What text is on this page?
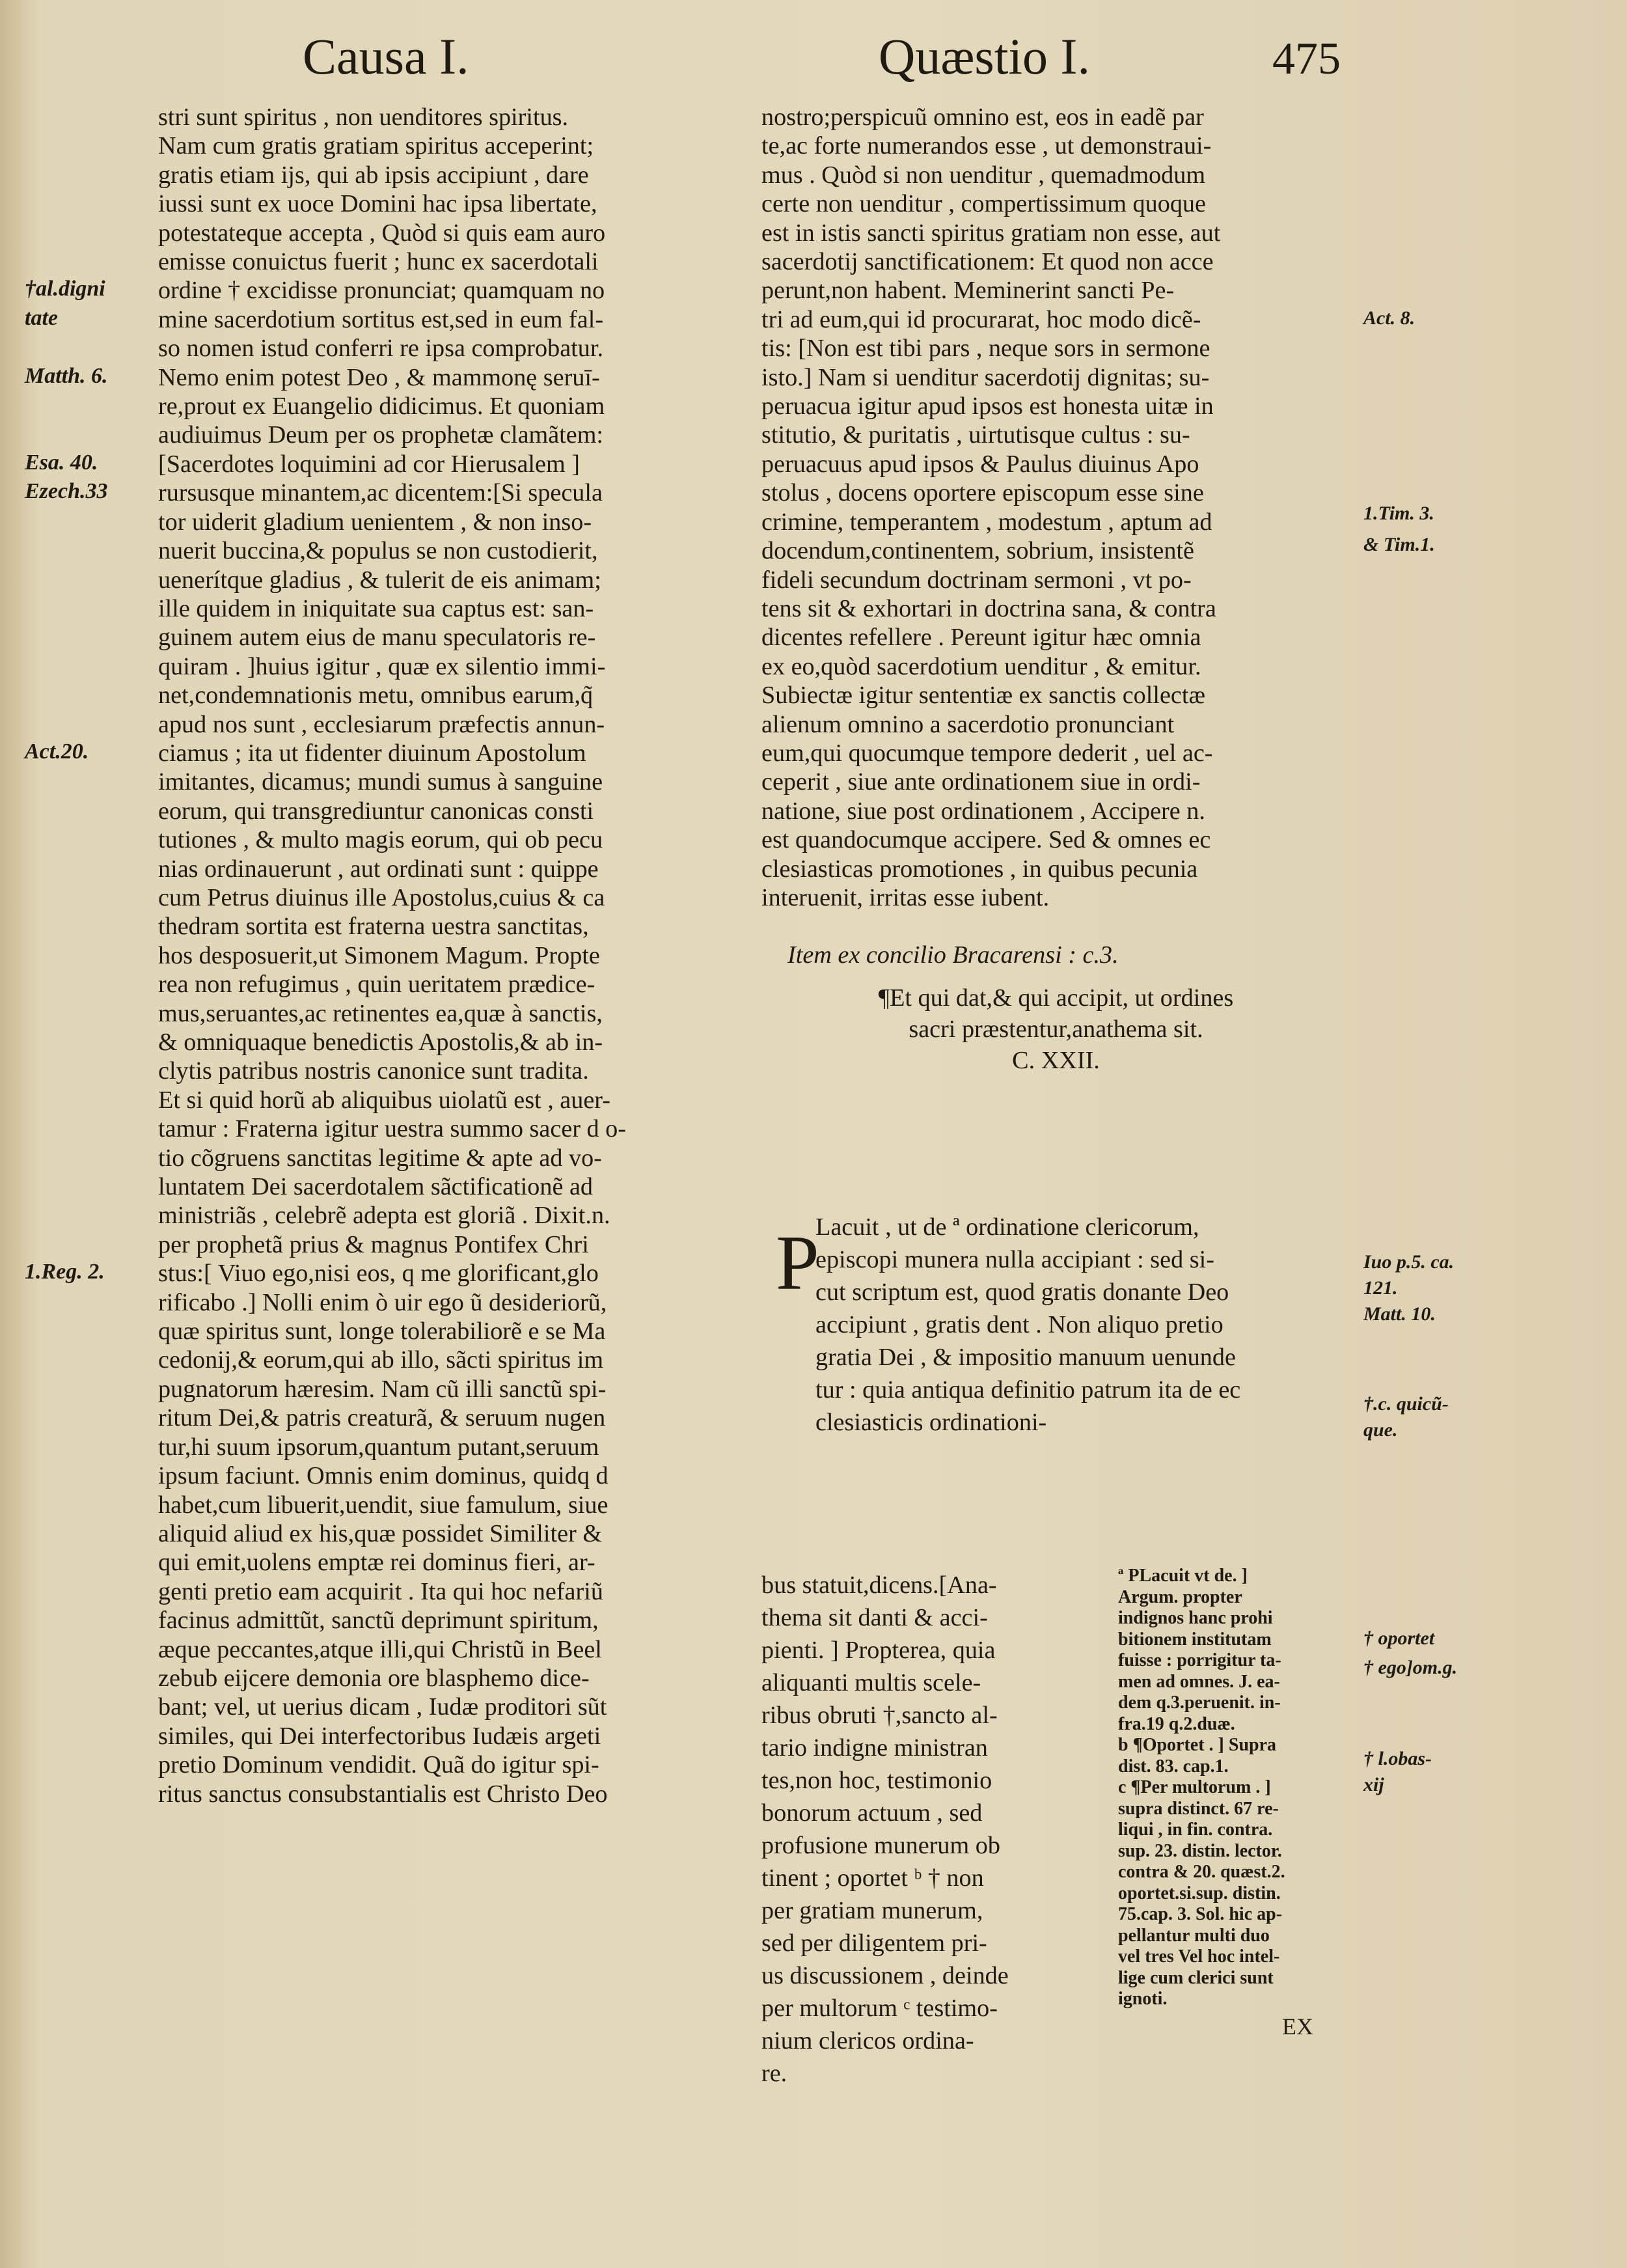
Causa I.	Quæstio I.	475
stri sunt spiritus , non uenditores spiritus.
Nam cum gratis gratiam spiritus acceperint;
gratis etiam ijs, qui ab ipsis accipiunt , dare
iussi sunt ex uoce Domini hac ipsa libertate,
potestateque accepta , Quòd si quis eam auro
emisse conuictus fuerit ; hunc ex sacerdotali
ordine † excidisse pronunciat; quamquam no
mine sacerdotium sortitus est,sed in eum fal-
so nomen istud conferri re ipsa comprobatur.
Nemo enim potest Deo , & mammonę seruī-
re,prout ex Euangelio didicimus. Et quoniam
audiuimus Deum per os prophetæ clamãtem:
[Sacerdotes loquimini ad cor Hierusalem ]
rursusque minantem,ac dicentem:[Si specula
tor uiderit gladium uenientem , & non inso-
nuerit buccina,& populus se non custodierit,
uenerítque gladius , & tulerit de eis animam;
ille quidem in iniquitate sua captus est: san-
guinem autem eius de manu speculatoris re-
quiram . ]huius igitur , quæ ex silentio immi-
net,condemnationis metu, omnibus earum,q̃
apud nos sunt , ecclesiarum præfectis annun-
ciamus ; ita ut fidenter diuinum Apostolum
imitantes, dicamus; mundi sumus à sanguine
eorum, qui transgrediuntur canonicas consti
tutiones , & multo magis eorum, qui ob pecu
nias ordinauerunt , aut ordinati sunt : quippe
cum Petrus diuinus ille Apostolus,cuius & ca
thedram sortita est fraterna uestra sanctitas,
hos desposuerit,ut Simonem Magum. Propte
rea non refugimus , quin ueritatem prædice-
mus,seruantes,ac retinentes ea,quæ à sanctis,
& omniquaque benedictis Apostolis,& ab in-
clytis patribus nostris canonice sunt tradita.
Et si quid horũ ab aliquibus uiolatũ est , auer-
tamur : Fraterna igitur uestra summo sacer d o-
tio cõgruens sanctitas legitime & apte ad vo-
luntatem Dei sacerdotalem sãctificationẽ ad
ministriãs , celebrẽ adepta est gloriã . Dixit.n.
per prophetã prius & magnus Pontifex Chri
stus:[ Viuo ego,nisi eos, q me glorificant,glo
rificabo .] Nolli enim ò uir ego ũ desideriorũ,
quæ spiritus sunt, longe tolerabiliorẽ e se Ma
cedonij,& eorum,qui ab illo, sãcti spiritus im
pugnatorum hæresim. Nam cũ illi sanctũ spi-
ritum Dei,& patris creaturã, & seruum nugen
tur,hi suum ipsorum,quantum putant,seruum
ipsum faciunt. Omnis enim dominus, quidq d
habet,cum libuerit,uendit, siue famulum, siue
aliquid aliud ex his,quæ possidet Similiter &
qui emit,uolens emptæ rei dominus fieri, ar-
genti pretio eam acquirit . Ita qui hoc nefariũ
facinus admittũt, sanctũ deprimunt spiritum,
æque peccantes,atque illi,qui Christũ in Beel
zebub eijcere demonia ore blasphemo dice-
bant; vel, ut uerius dicam , Iudæ proditori sũt
similes, qui Dei interfectoribus Iudæis argeti
pretio Dominum vendidit. Quã do igitur spi-
ritus sanctus consubstantialis est Christo Deo
nostro;perspicuũ omnino est, eos in eadẽ par
te,ac forte numerandos esse , ut demonstraui-
mus . Quòd si non uenditur , quemadmodum
certe non uenditur , compertissimum quoque
est in istis sancti spiritus gratiam non esse, aut
sacerdotij sanctificationem: Et quod non acce
perunt,non habent. Meminerint sancti Pe-
tri ad eum,qui id procurarat, hoc modo dicẽ-
tis: [Non est tibi pars , neque sors in sermone
isto.] Nam si uenditur sacerdotij dignitas; su-
peruacua igitur apud ipsos est honesta uitæ in
stitutio, & puritatis , uirtutisque cultus : su-
peruacuus apud ipsos & Paulus diuinus Apo
stolus , docens oportere episcopum esse sine
crimine, temperantem , modestum , aptum ad
docendum,continentem, sobrium, insistentẽ
fideli secundum doctrinam sermoni , vt po-
tens sit & exhortari in doctrina sana, & contra
dicentes refellere . Pereunt igitur hæc omnia
ex eo,quòd sacerdotium uenditur , & emitur.
Subiectæ igitur sententiæ ex sanctis collectæ
alienum omnino a sacerdotio pronunciant
eum,qui quocumque tempore dederit , uel ac-
ceperit , siue ante ordinationem siue in ordi-
natione, siue post ordinationem , Accipere n.
est quandocumque accipere. Sed & omnes ec
clesiasticas promotiones , in quibus pecunia
interuenit, irritas esse iubent.
Item ex concilio Bracarensi : c.3.
¶Et qui dat,& qui accipit, ut ordines
sacri præstentur,anathema sit.
C. XXII.
P
Lacuit , ut de ª ordinatione clericorum,
episcopi munera nulla accipiant : sed si-
cut scriptum est, quod gratis donante Deo
accipiunt , gratis dent . Non aliquo pretio
gratia Dei , & impositio manuum uenunde
tur : quia antiqua definitio patrum ita de ec
clesiasticis ordinationi-
bus statuit,dicens.[Ana-
thema sit danti & acci-
pienti. ] Propterea, quia
aliquanti multis scele-
ribus obruti †,sancto al-
tario indigne ministran
tes,non hoc, testimonio
bonorum actuum , sed
profusione munerum ob
tinent ; oportet ᵇ † non
per gratiam munerum,
sed per diligentem pri-
us discussionem , deinde
per multorum ᶜ testimo-
nium clericos ordina-
re.
ª PLacuit vt de. ]
Argum. propter
indignos hanc prohi
bitionem institutam
fuisse : porrigitur ta-
men ad omnes. J. ea-
dem q.3.peruenit. in-
fra.19 q.2.duæ.
b ¶Oportet . ] Supra
dist. 83. cap.1.
c ¶Per multorum . ]
supra distinct. 67 re-
liqui , in fin. contra.
sup. 23. distin. lector.
contra & 20. quæst.2.
oportet.si.sup. distin.
75.cap. 3. Sol. hic ap-
pellantur multi duo
vel tres Vel hoc intel-
lige cum clerici sunt
ignoti.
†al.digni
tate
Matth. 6.
Esa. 40.
Ezech.33
Act.20.
1.Reg. 2.
Act. 8.
1.Tim. 3.
& Tim.1.
Iuo p.5. ca.
121.
Matt. 10.
†.c. quicũ-
que.
† oportet
† ego]om.g.
† l.obas-
xij
EX
